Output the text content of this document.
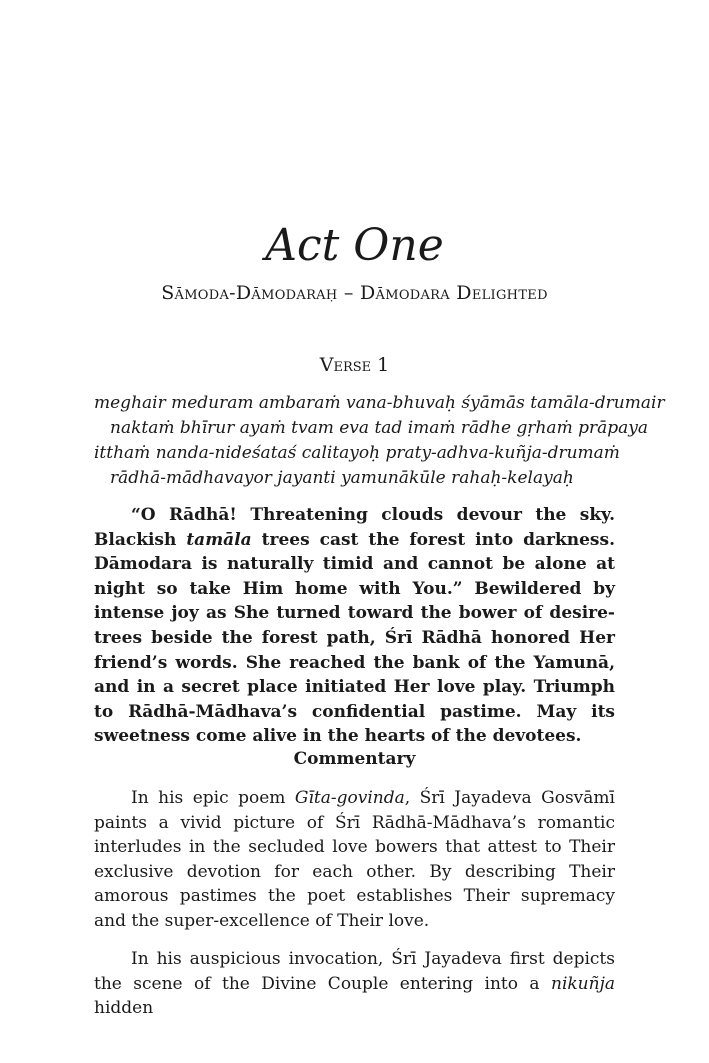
Act One
Sāmoda-Dāmodaraḥ – Dāmodara Delighted
Verse 1
meghair meduram ambaraṁ vana-bhuvaḥ śyāmās tamāla-drumair
naktaṁ bhīrur ayaṁ tvam eva tad imaṁ rādhe gṛhaṁ prāpaya
itthaṁ nanda-nideśataś calitayoḥ praty-adhva-kuñja-drumaṁ
rādhā-mādhavayor jayanti yamunākūle rahaḥ-kelayaḥ

“O Rādhā! Threatening clouds devour the sky. Blackish tamāla trees cast the forest into darkness. Dāmodara is naturally timid and cannot be alone at night so take Him home with You.” Bewildered by intense joy as She turned toward the bower of desire-trees beside the forest path, Śrī Rādhā honored Her friend’s words. She reached the bank of the Yamunā, and in a secret place initiated Her love play. Triumph to Rādhā-Mādhava’s confidential pastime. May its sweetness come alive in the hearts of the devotees.

Commentary

In his epic poem Gīta-govinda, Śrī Jayadeva Gosvāmī paints a vivid picture of Śrī Rādhā-Mādhava’s romantic interludes in the secluded love bowers that attest to Their exclusive devotion for each other. By describing Their amorous pastimes the poet establishes Their supremacy and the super-excellence of Their love.

In his auspicious invocation, Śrī Jayadeva first depicts the scene of the Divine Couple entering into a nikuñja hidden
